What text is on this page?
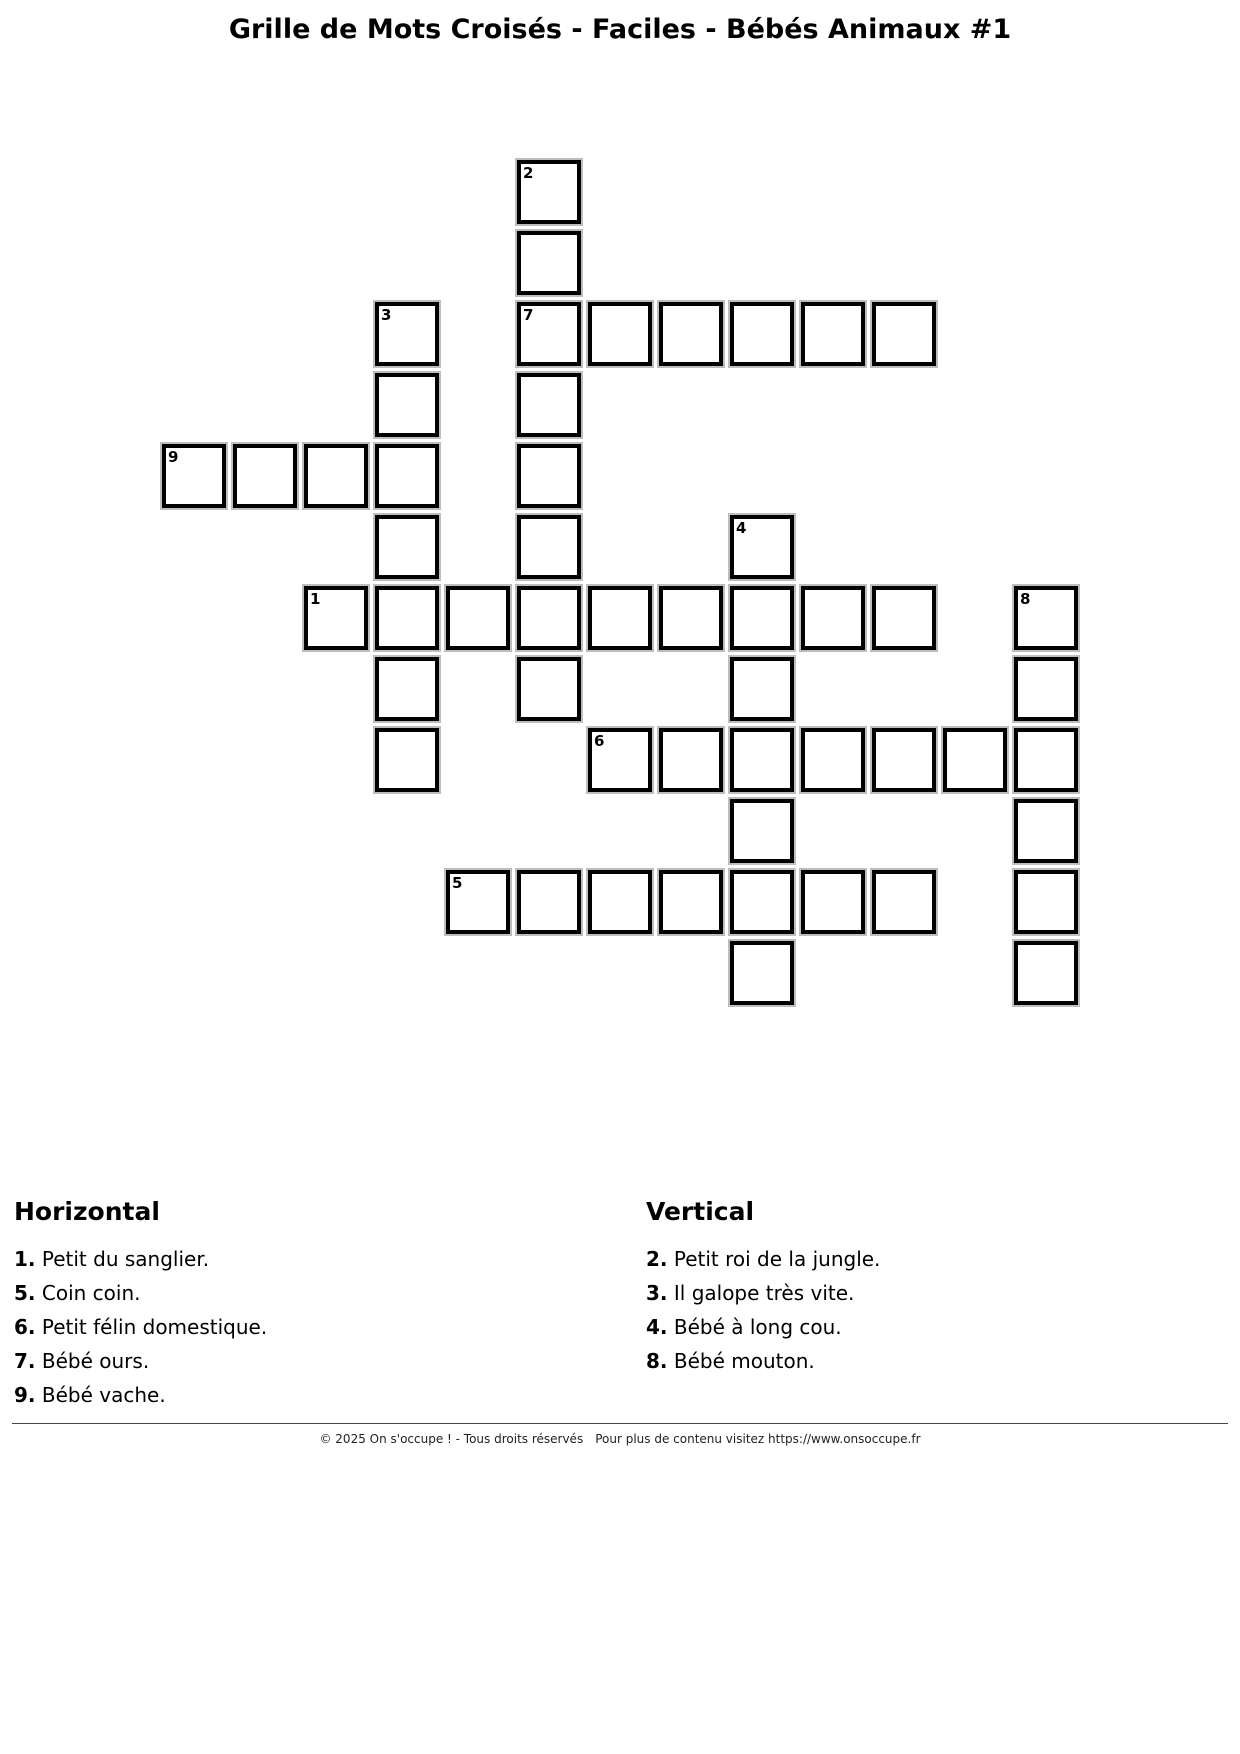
Grille de Mots Croisés - Faciles - Bébés Animaux #1
2
3	7
9
4
1	8
6
5
Horizontal
1. Petit du sanglier.
5. Coin coin.
6. Petit félin domestique.
7. Bébé ours.
9. Bébé vache.
Vertical
2. Petit roi de la jungle.
3. Il galope très vite.
4. Bébé à long cou.
8. Bébé mouton.
© 2025 On s'occupe ! - Tous droits réservés Pour plus de contenu visitez https://www.onsoccupe.fr
